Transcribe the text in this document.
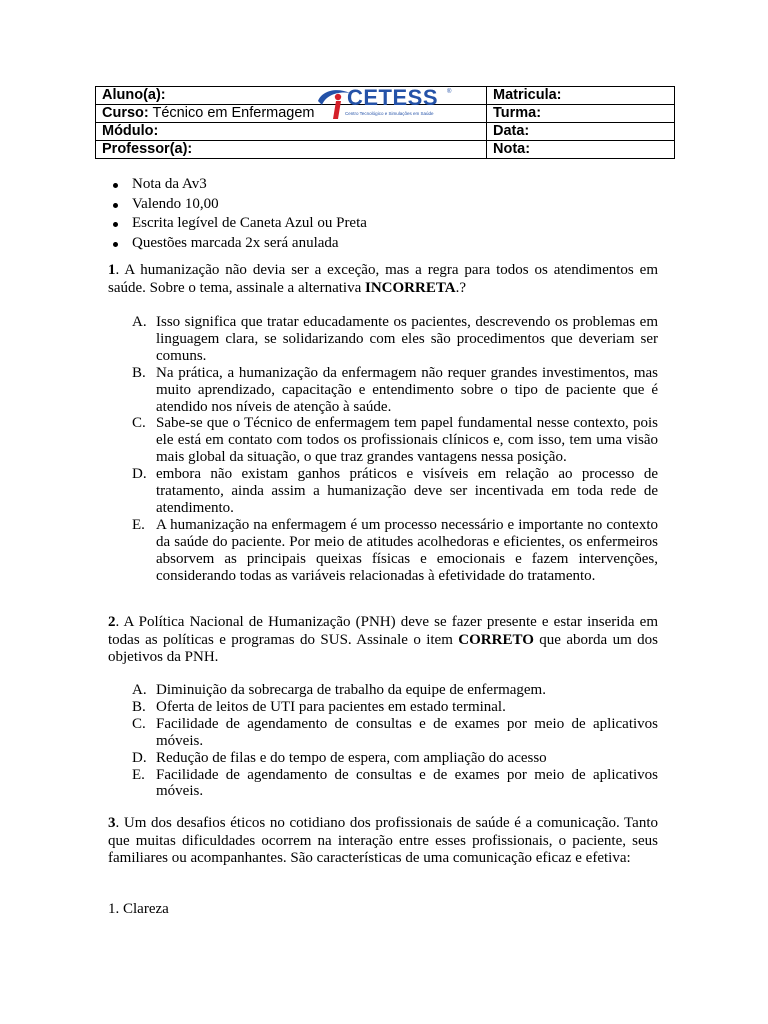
Aluno(a):	Matricula:
Curso: Técnico em Enfermagem	Turma:
Módulo:	Data:
Professor(a):	Nota:
CETESS ®
Centro Tecnológico e Simulações em Saúde
Nota da Av3
Valendo 10,00
Escrita legível de Caneta Azul ou Preta
Questões marcada 2x será anulada

1. A humanização não devia ser a exceção, mas a regra para todos os atendimentos em saúde. Sobre o tema, assinale a alternativa INCORRETA.?

A. Isso significa que tratar educadamente os pacientes, descrevendo os problemas em linguagem clara, se solidarizando com eles são procedimentos que deveriam ser comuns.
B. Na prática, a humanização da enfermagem não requer grandes investimentos, mas muito aprendizado, capacitação e entendimento sobre o tipo de paciente que é atendido nos níveis de atenção à saúde.
C. Sabe-se que o Técnico de enfermagem tem papel fundamental nesse contexto, pois ele está em contato com todos os profissionais clínicos e, com isso, tem uma visão mais global da situação, o que traz grandes vantagens nessa posição.
D. embora não existam ganhos práticos e visíveis em relação ao processo de tratamento, ainda assim a humanização deve ser incentivada em toda rede de atendimento.
E. A humanização na enfermagem é um processo necessário e importante no contexto da saúde do paciente. Por meio de atitudes acolhedoras e eficientes, os enfermeiros absorvem as principais queixas físicas e emocionais e fazem intervenções, considerando todas as variáveis relacionadas à efetividade do tratamento.

2. A Política Nacional de Humanização (PNH) deve se fazer presente e estar inserida em todas as políticas e programas do SUS. Assinale o item CORRETO que aborda um dos objetivos da PNH.

A. Diminuição da sobrecarga de trabalho da equipe de enfermagem.
B. Oferta de leitos de UTI para pacientes em estado terminal.
C. Facilidade de agendamento de consultas e de exames por meio de aplicativos móveis.
D. Redução de filas e do tempo de espera, com ampliação do acesso
E. Facilidade de agendamento de consultas e de exames por meio de aplicativos móveis.

3. Um dos desafios éticos no cotidiano dos profissionais de saúde é a comunicação. Tanto que muitas dificuldades ocorrem na interação entre esses profissionais, o paciente, seus familiares ou acompanhantes. São características de uma comunicação eficaz e efetiva:

1. Clareza
